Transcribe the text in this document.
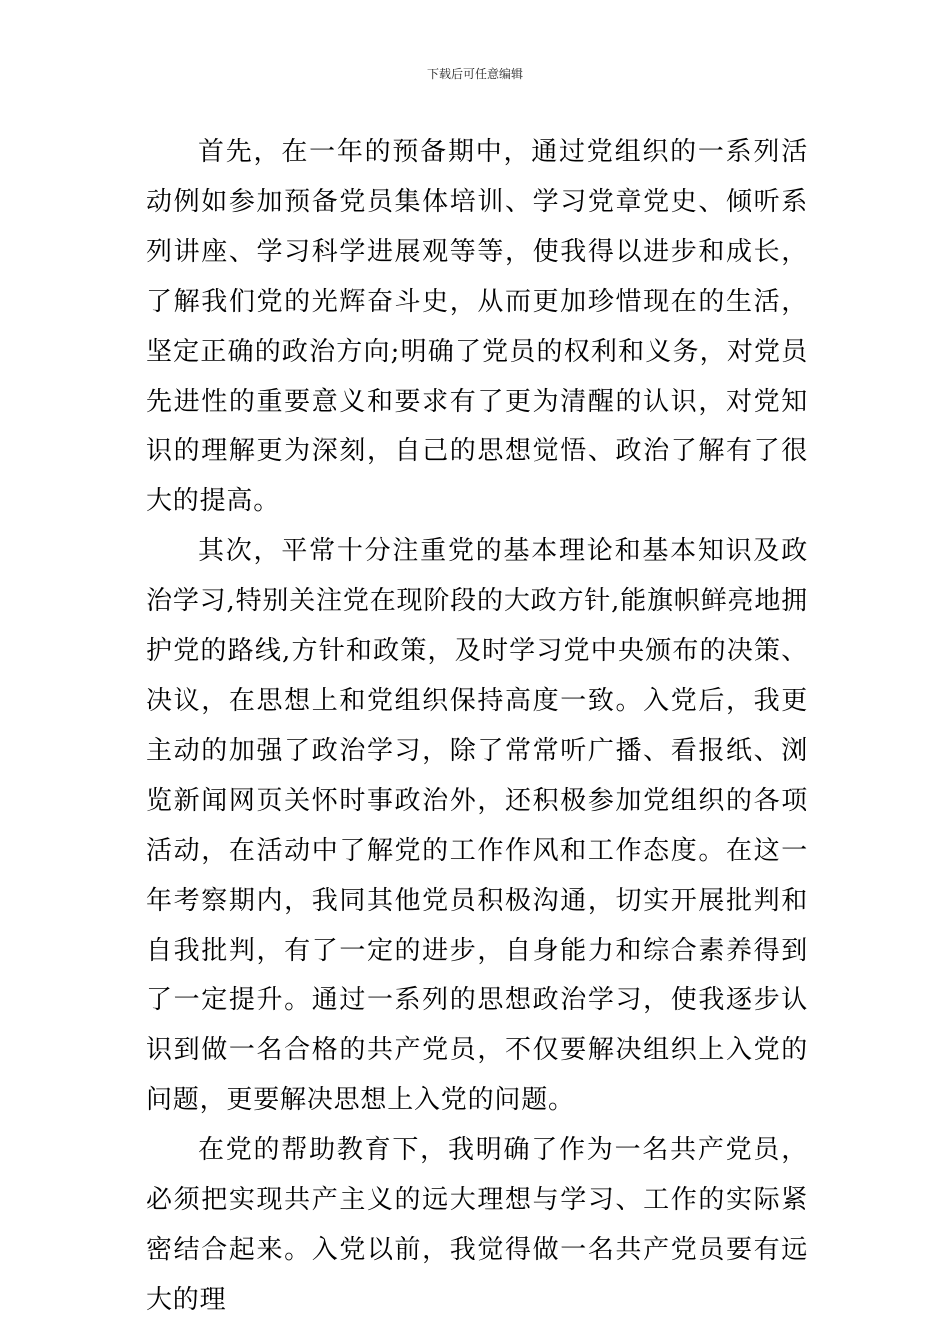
下载后可任意编辑

首先，在一年的预备期中，通过党组织的一系列活动例如参加预备党员集体培训、学习党章党史、倾听系列讲座、学习科学进展观等等，使我得以进步和成长，了解我们党的光辉奋斗史，从而更加珍惜现在的生活，坚定正确的政治方向;明确了党员的权利和义务，对党员先进性的重要意义和要求有了更为清醒的认识，对党知识的理解更为深刻，自己的思想觉悟、政治了解有了很大的提高。

其次，平常十分注重党的基本理论和基本知识及政治学习,特别关注党在现阶段的大政方针,能旗帜鲜亮地拥护党的路线,方针和政策，及时学习党中央颁布的决策、决议，在思想上和党组织保持高度一致。入党后，我更主动的加强了政治学习，除了常常听广播、看报纸、浏览新闻网页关怀时事政治外，还积极参加党组织的各项活动，在活动中了解党的工作作风和工作态度。在这一年考察期内，我同其他党员积极沟通，切实开展批判和自我批判，有了一定的进步，自身能力和综合素养得到了一定提升。通过一系列的思想政治学习，使我逐步认识到做一名合格的共产党员，不仅要解决组织上入党的问题，更要解决思想上入党的问题。

在党的帮助教育下，我明确了作为一名共产党员，必须把实现共产主义的远大理想与学习、工作的实际紧密结合起来。入党以前，我觉得做一名共产党员要有远大的理
